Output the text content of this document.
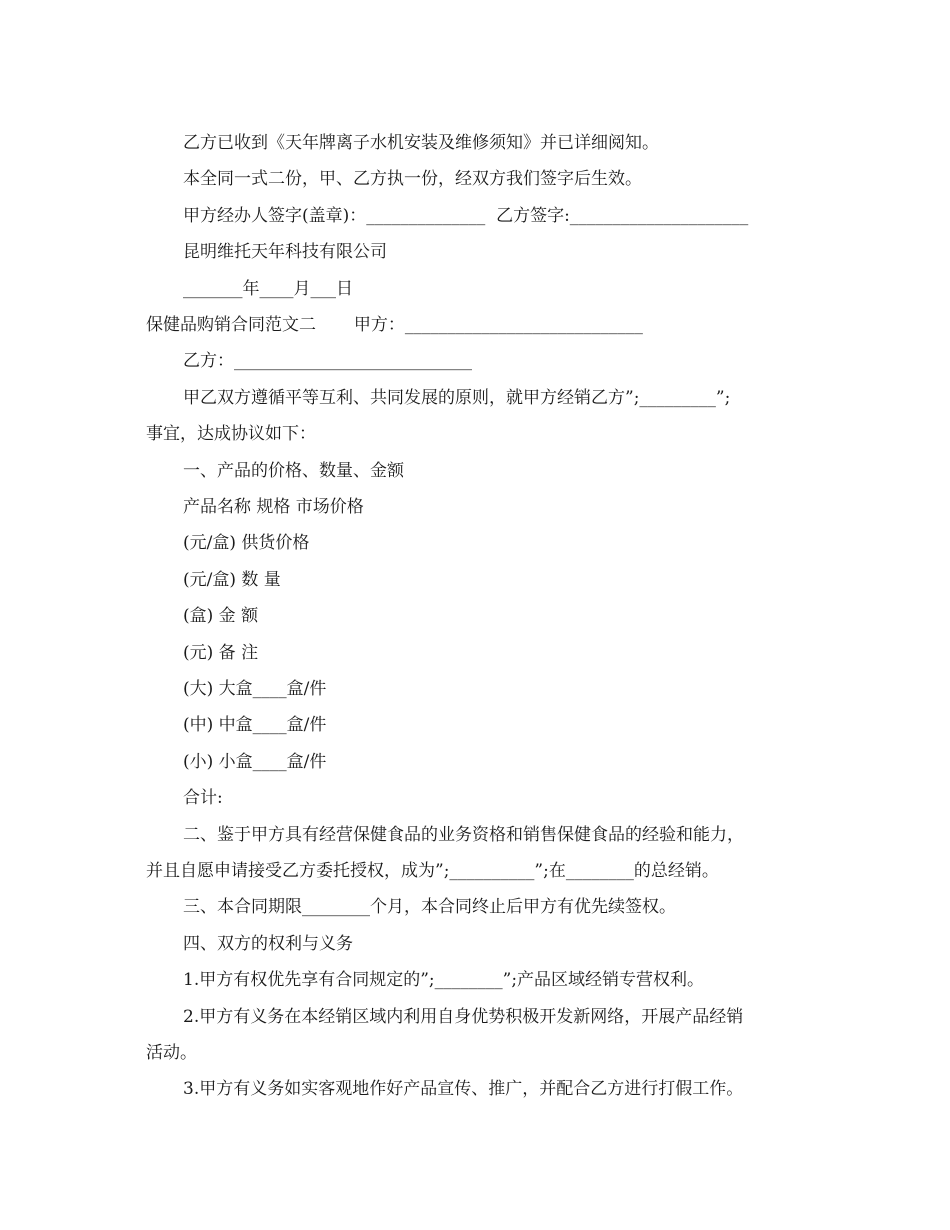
乙方已收到《天年牌离子水机安装及维修须知》并已详细阅知。
本全同一式二份，甲、乙方执一份，经双方我们签字后生效。
甲方经办人签字(盖章)：______________  乙方签字:_____________________
昆明维托天年科技有限公司
_______年____月___日
保健品购销合同范文二       甲方：____________________________
乙方：____________________________
甲乙双方遵循平等互利、共同发展的原则，就甲方经销乙方”;_________”;
事宜，达成协议如下：
一、产品的价格、数量、金额
产品名称 规格 市场价格
(元/盒) 供货价格
(元/盒) 数 量
(盒) 金 额
(元) 备 注
(大) 大盒____盒/件
(中) 中盒____盒/件
(小) 小盒____盒/件
合计:
二、鉴于甲方具有经营保健食品的业务资格和销售保健食品的经验和能力，
并且自愿申请接受乙方委托授权，成为”;__________”;在________的总经销。
三、本合同期限________个月，本合同终止后甲方有优先续签权。
四、双方的权利与义务
1.甲方有权优先享有合同规定的”;________”;产品区域经销专营权利。
2.甲方有义务在本经销区域内利用自身优势积极开发新网络，开展产品经销
活动。
3.甲方有义务如实客观地作好产品宣传、推广，并配合乙方进行打假工作。
